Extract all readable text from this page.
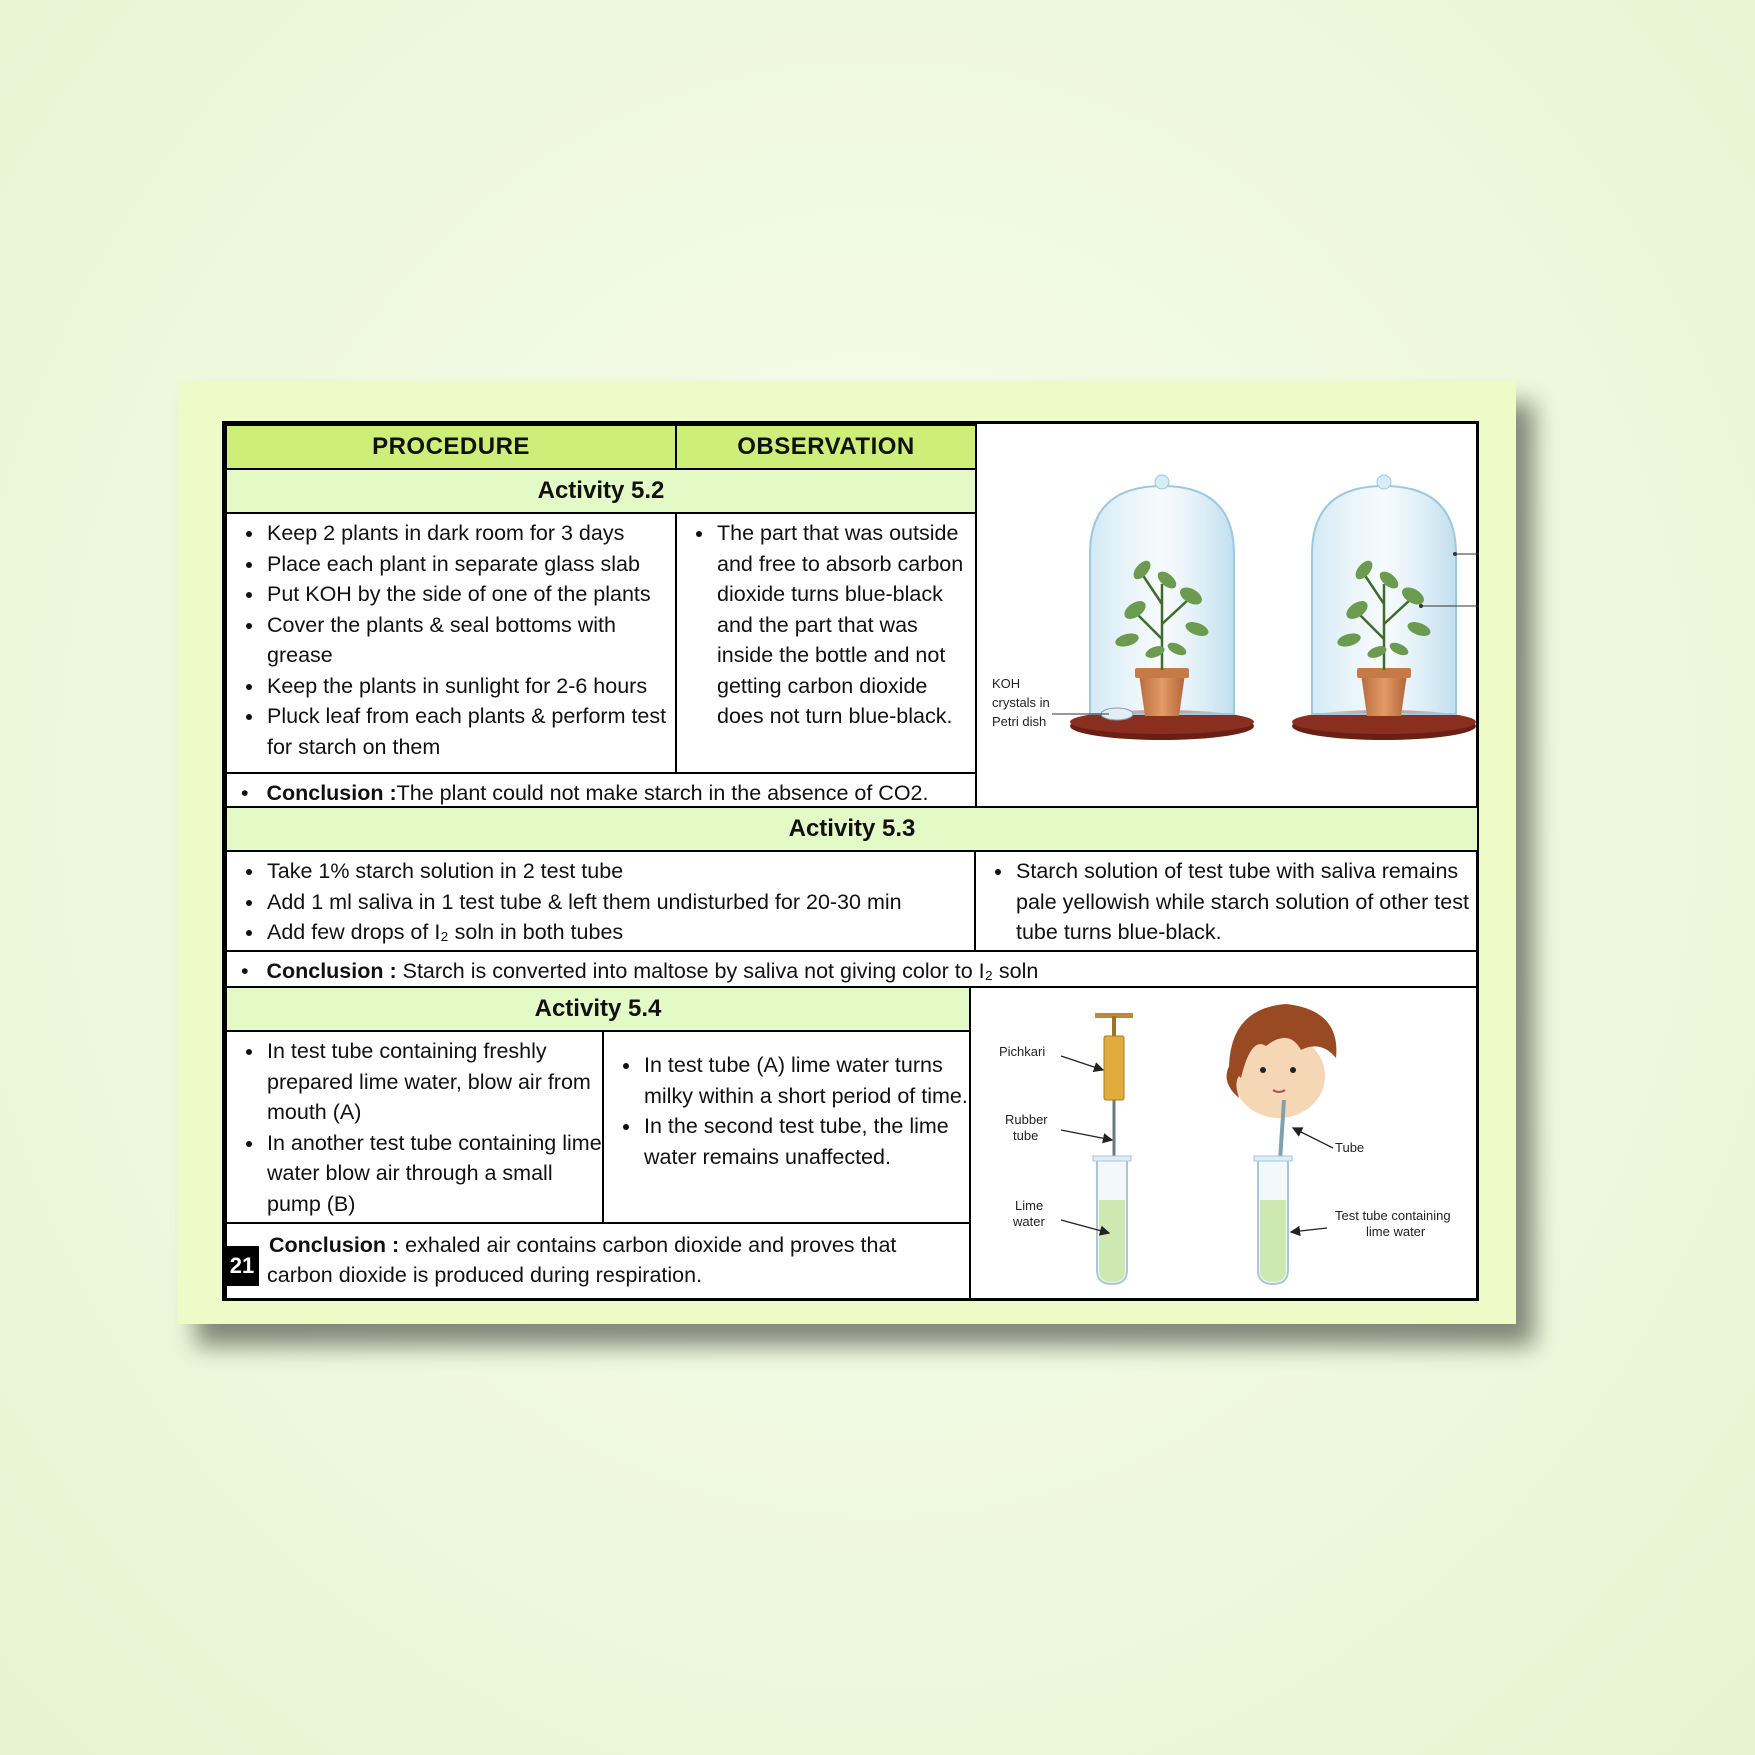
PROCEDURE	OBSERVATION
Activity 5.2
• Keep 2 plants in dark room for 3 days
• Place each plant in separate glass slab
• Put KOH by the side of one of the plants
• Cover the plants & seal bottoms with grease
• Keep the plants in sunlight for 2-6 hours
• Pluck leaf from each plants & perform test for starch on them
• The part that was outside and free to absorb carbon dioxide turns blue-black and the part that was inside the bottle and not getting carbon dioxide does not turn blue-black.
•   Conclusion :The plant could not make starch in the absence of CO2.
KOH
crystals in
Petri dish
Activity 5.3
• Take 1% starch solution in 2 test tube
• Add 1 ml saliva in 1 test tube & left them undisturbed for 20-30 min
• Add few drops of I₂ soln in both tubes
• Starch solution of test tube with saliva remains pale yellowish while starch solution of other test tube turns blue-black.
•   Conclusion : Starch is converted into maltose by saliva not giving color to I₂ soln
Activity 5.4
• In test tube containing freshly prepared lime water, blow air from mouth (A)
• In another test tube containing lime water blow air through a small pump (B)
• In test tube (A) lime water turns milky within a short period of time.
• In the second test tube, the lime water remains unaffected.
Conclusion : exhaled air contains carbon dioxide and proves that
carbon dioxide is produced during respiration.
21
Pichkari
Rubber
tube
Lime
water
Tube
Test tube containing
lime water
